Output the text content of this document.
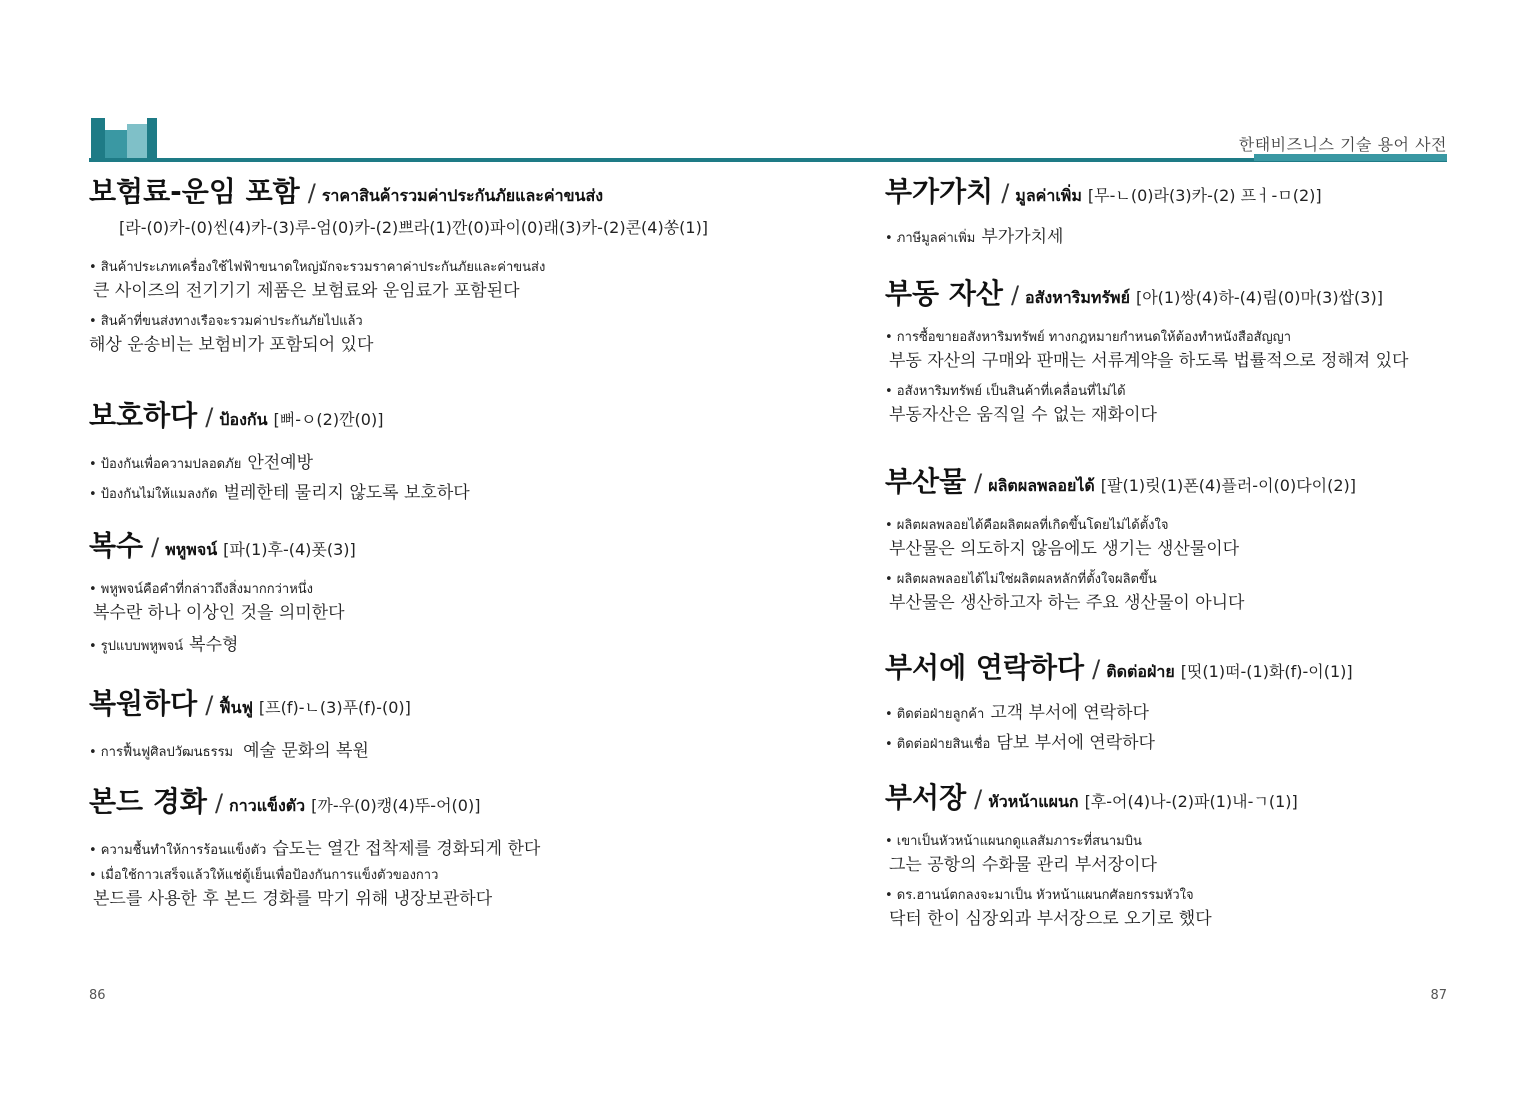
한태비즈니스 기술 용어 사전
보험료-운임 포함 / ราคาสินค้ารวมค่าประกันภัยและค่าขนส่ง
[라-(0)카-(0)씬(4)카-(3)루-엄(0)카-(2)쁘라(1)깐(0)파이(0)래(3)카-(2)콘(4)쏭(1)]
• สินค้าประเภทเครื่องใช้ไฟฟ้าขนาดใหญ่มักจะรวมราคาค่าประกันภัยและค่าขนส่ง
큰 사이즈의 전기기기 제품은 보험료와 운임료가 포함된다
• สินค้าที่ขนส่งทางเรือจะรวมค่าประกันภัยไปแล้ว
해상 운송비는 보험비가 포함되어 있다
보호하다 / ป้องกัน [뻐-ㅇ(2)깐(0)]
• ป้องกันเพื่อความปลอดภัย 안전예방
• ป้องกันไม่ให้แมลงกัด 벌레한테 물리지 않도록 보호하다
복수 / พหูพจน์ [파(1)후-(4)폿(3)]
• พหูพจน์คือคำที่กล่าวถึงสิ่งมากกว่าหนึ่ง
복수란 하나 이상인 것을 의미한다
• รูปแบบพหูพจน์ 복수형
복원하다 / ฟื้นฟู [프(f)-ㄴ(3)푸(f)-(0)]
• การฟื้นฟูศิลปวัฒนธรรม 예술 문화의 복원
본드 경화 / กาวแข็งตัว [까-우(0)캥(4)뚜-어(0)]
• ความชื้นทำให้การร้อนแข็งตัว 습도는 열간 접착제를 경화되게 한다
• เมื่อใช้กาวเสร็จแล้วให้แช่ตู้เย็นเพื่อป้องกันการแข็งตัวของกาว
본드를 사용한 후 본드 경화를 막기 위해 냉장보관하다
부가가치 / มูลค่าเพิ่ม [무-ㄴ(0)라(3)카-(2) 프ㅓ-ㅁ(2)]
• ภาษีมูลค่าเพิ่ม 부가가치세
부동 자산 / อสังหาริมทรัพย์ [아(1)쌍(4)하-(4)림(0)마(3)쌉(3)]
• การซื้อขายอสังหาริมทรัพย์ ทางกฎหมายกำหนดให้ต้องทำหนังสือสัญญา
부동 자산의 구매와 판매는 서류계약을 하도록 법률적으로 정해져 있다
• อสังหาริมทรัพย์ เป็นสินค้าที่เคลื่อนที่ไม่ได้
부동자산은 움직일 수 없는 재화이다
부산물 / ผลิตผลพลอยได้ [팔(1)릿(1)폰(4)플러-이(0)다이(2)]
• ผลิตผลพลอยได้คือผลิตผลที่เกิดขึ้นโดยไม่ได้ตั้งใจ
부산물은 의도하지 않음에도 생기는 생산물이다
• ผลิตผลพลอยได้ไม่ใช่ผลิตผลหลักที่ตั้งใจผลิตขึ้น
부산물은 생산하고자 하는 주요 생산물이 아니다
부서에 연락하다 / ติดต่อฝ่าย [띳(1)떠-(1)화(f)-이(1)]
• ติดต่อฝ่ายลูกค้า 고객 부서에 연락하다
• ติดต่อฝ่ายสินเชื่อ 담보 부서에 연락하다
부서장 / หัวหน้าแผนก [후-어(4)나-(2)파(1)내-ㄱ(1)]
• เขาเป็นหัวหน้าแผนกดูแลสัมภาระที่สนามบิน
그는 공항의 수화물 관리 부서장이다
• ดร.ฮานน์ตกลงจะมาเป็น หัวหน้าแผนกศัลยกรรมหัวใจ
닥터 한이 심장외과 부서장으로 오기로 했다
86	87
